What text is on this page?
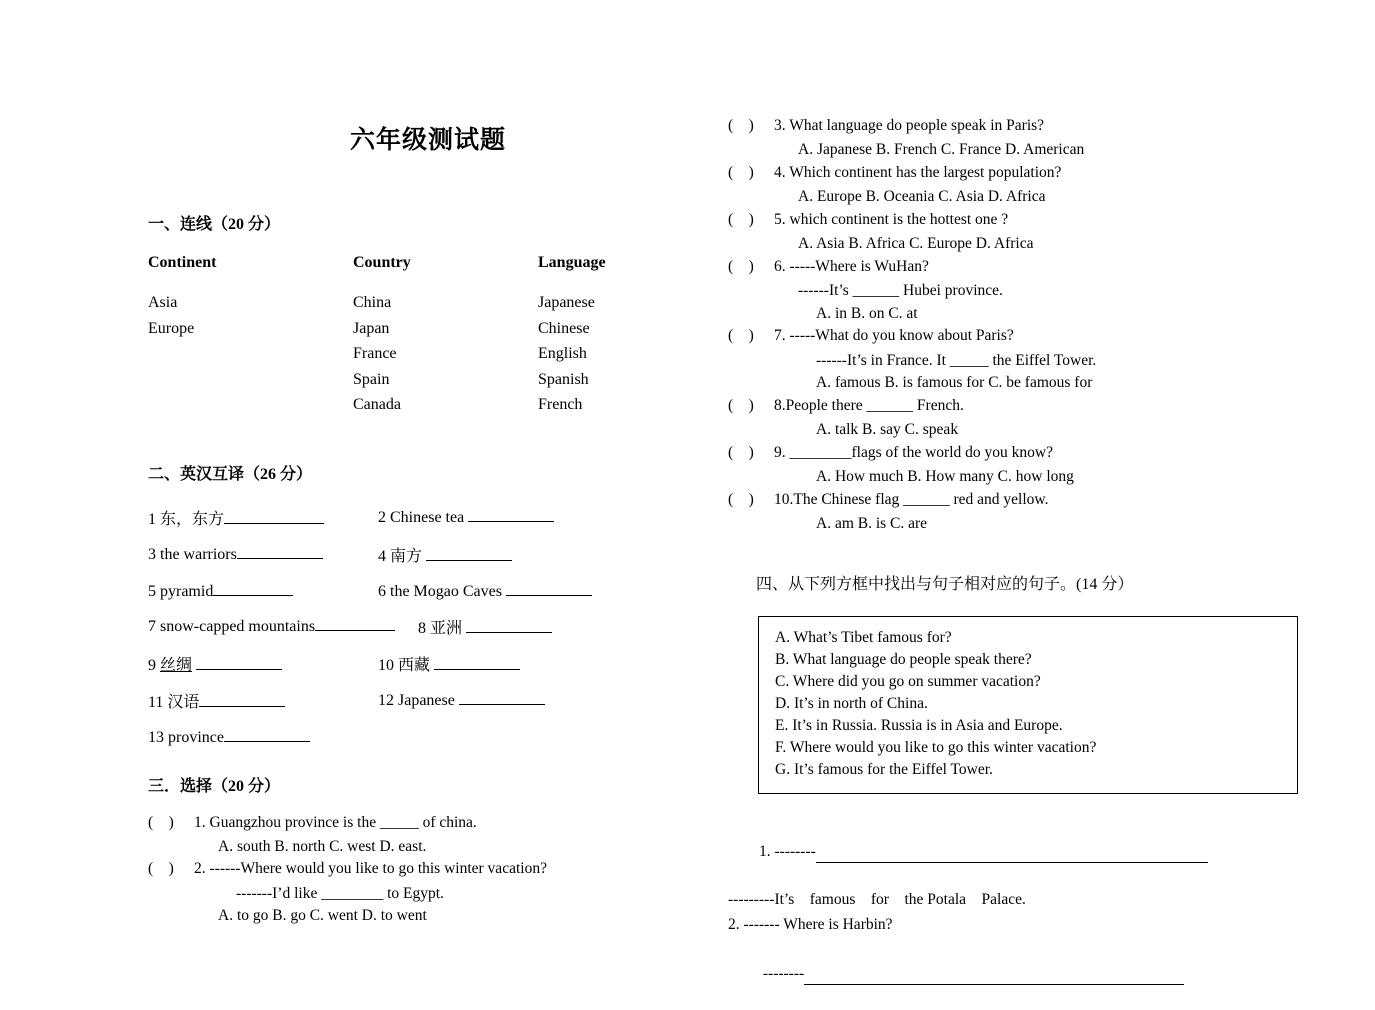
六年级测试题
一、连线（20 分）
Continent	Country	Language
Asia	China	Japanese
Europe	Japan	Chinese
	France	English
	Spain	Spanish
	Canada	French
二、英汉互译（26 分）
1 东，东方	2 Chinese tea
3 the warriors	4 南方
5 pyramid	6 the Mogao Caves
7 snow-capped mountains	8 亚洲
9 丝绸	10 西藏
11 汉语	12 Japanese
13 province
三．选择（20 分）
(    ) 1. Guangzhou province is the _____ of china.
A. south B. north C. west D. east.
(    ) 2. ------Where would you like to go this winter vacation?
-------I’d like ________ to Egypt.
A. to go B. go C. went D. to went
(    ) 3. What language do people speak in Paris?
A. Japanese B. French C. France D. American
(    ) 4. Which continent has the largest population?
A. Europe B. Oceania C. Asia D. Africa
(    ) 5. which continent is the hottest one ?
A. Asia B. Africa C. Europe D. Africa
(    ) 6. -----Where is WuHan?
------It’s ______ Hubei province.
A. in B. on C. at
(    ) 7. -----What do you know about Paris?
------It’s in France. It _____ the Eiffel Tower.
A. famous B. is famous for C. be famous for
(    ) 8.People there ______ French.
A. talk B. say C. speak
(    ) 9. ________flags of the world do you know?
A. How much B. How many C. how long
(    ) 10.The Chinese flag ______ red and yellow.
A. am B. is C. are
四、从下列方框中找出与句子相对应的句子。(14 分）
A. What’s Tibet famous for?
B. What language do people speak there?
C. Where did you go on summer vacation?
D. It’s in north of China.
E. It’s in Russia. Russia is in Asia and Europe.
F. Where would you like to go this winter vacation?
G. It’s famous for the Eiffel Tower.

1. --------

---------It’s    famous    for    the Potala    Palace.
2. ------- Where is Harbin?

--------
